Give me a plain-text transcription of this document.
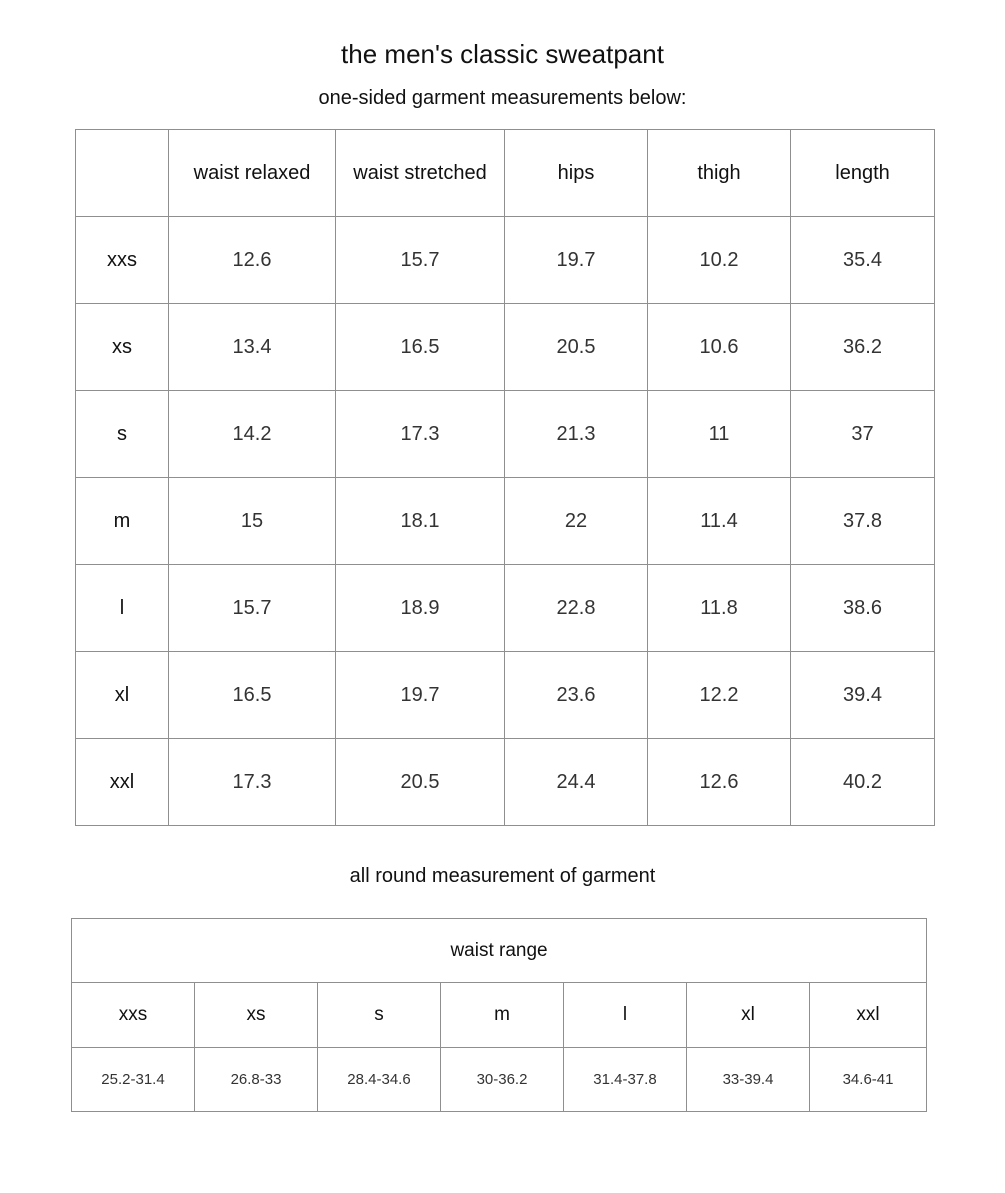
the men's classic sweatpant

one-sided garment measurements below:

	waist relaxed	waist stretched	hips	thigh	length
xxs	12.6	15.7	19.7	10.2	35.4
xs	13.4	16.5	20.5	10.6	36.2
s	14.2	17.3	21.3	11	37
m	15	18.1	22	11.4	37.8
l	15.7	18.9	22.8	11.8	38.6
xl	16.5	19.7	23.6	12.2	39.4
xxl	17.3	20.5	24.4	12.6	40.2

all round measurement of garment

waist range						
xxs	xs	s	m	l	xl	xxl
25.2-31.4	26.8-33	28.4-34.6	30-36.2	31.4-37.8	33-39.4	34.6-41
